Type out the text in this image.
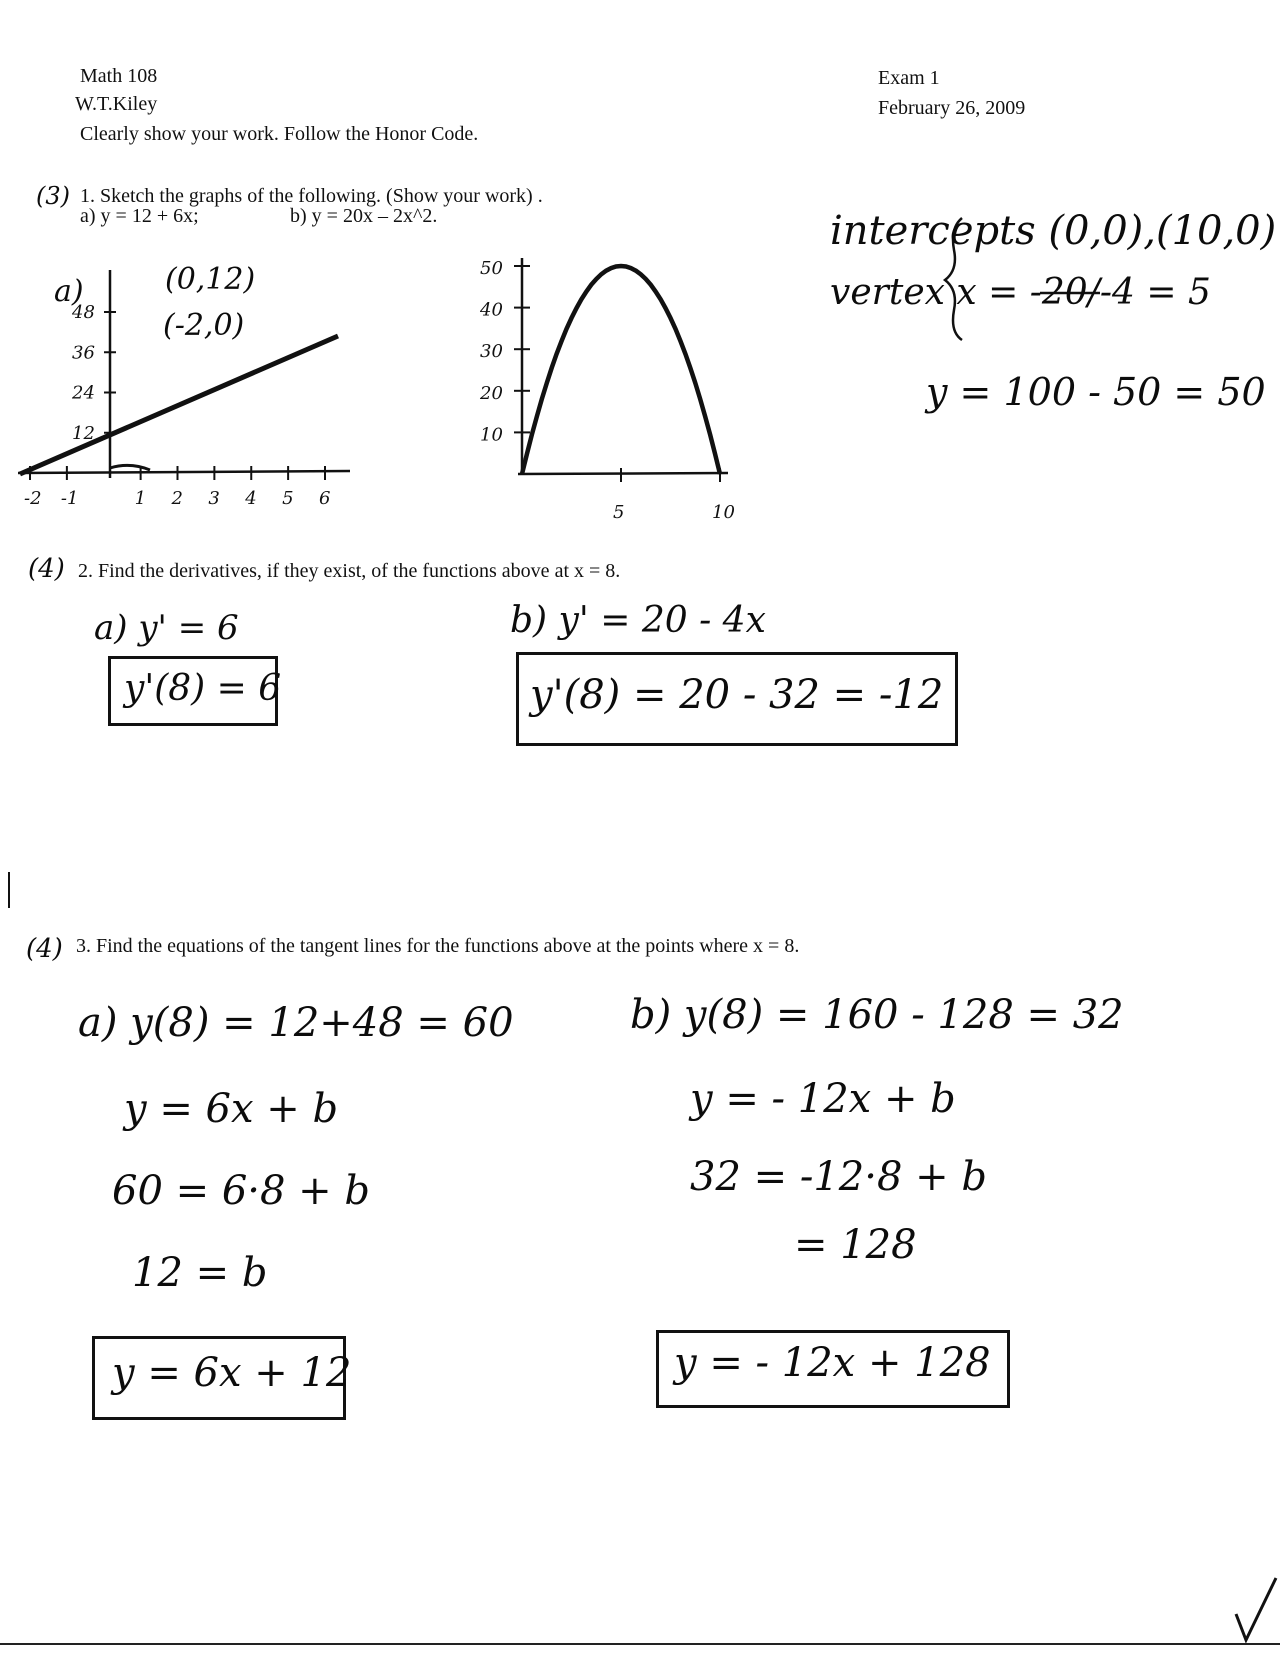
Math 108
W.T.Kiley
Clearly show your work. Follow the Honor Code.
Exam 1
February 26, 2009
(3) 1. Sketch the graphs of the following. (Show your work) .
a) y = 12 + 6x;	b) y = 20x – 2x^2.
-2 -1	1 2 3 4 5 6
48
36
24
12
50
40
30
20
10
5	10
a)	(0,12)
(-2,0)
intercepts (0,0),(10,0)
vertex x = -20/-4 = 5
y = 100 - 50 = 50
(4) 2. Find the derivatives, if they exist, of the functions above at x = 8.
a) y' = 6
y'(8) = 6
b) y' = 20 - 4x
y'(8) = 20 - 32 = -12
(4) 3. Find the equations of the tangent lines for the functions above at the points where x = 8.
a) y(8) = 12+48 = 60
y = 6x + b
60 = 6·8 + b
12 = b
y = 6x + 12
b) y(8) = 160 - 128 = 32
y = - 12x + b
32 = -12·8 + b
= 128
y = - 12x + 128
